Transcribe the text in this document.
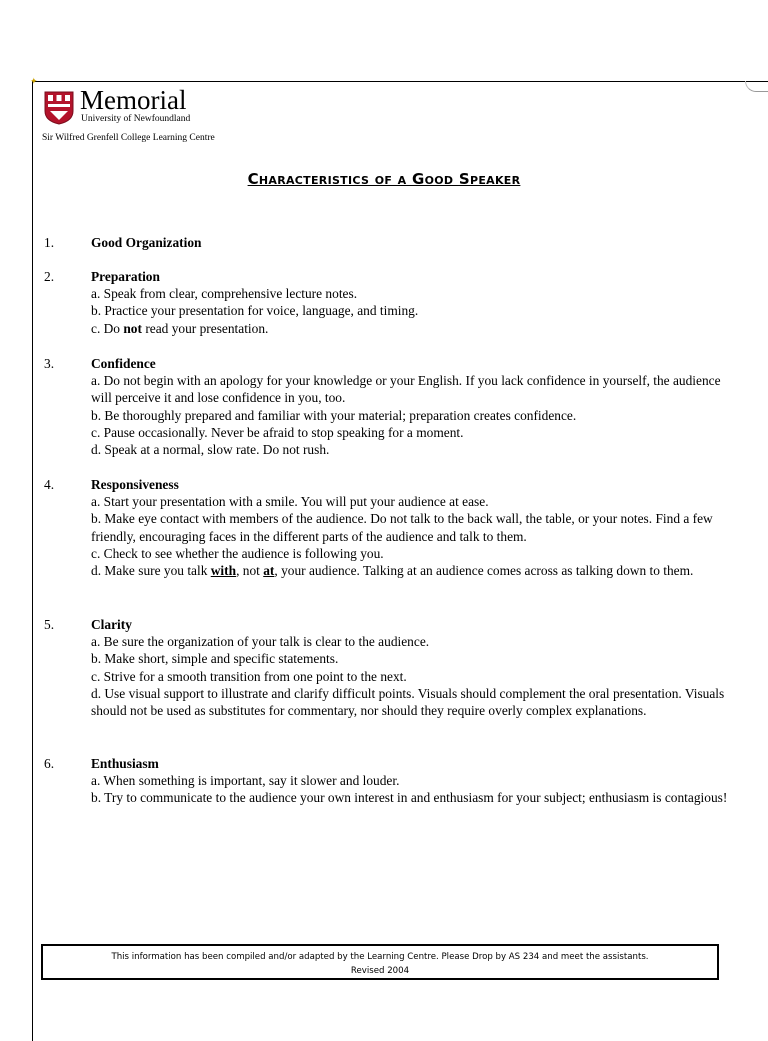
✦
Memorial
University of Newfoundland
Sir Wilfred Grenfell College Learning Centre
Characteristics of a Good Speaker
1.	Good Organization
2.	Preparation
a. Speak from clear, comprehensive lecture notes.
b. Practice your presentation for voice, language, and timing.
c. Do not read your presentation.
3.	Confidence
a. Do not begin with an apology for your knowledge or your English. If you lack confidence in yourself, the audience will perceive it and lose confidence in you, too.
b. Be thoroughly prepared and familiar with your material; preparation creates confidence.
c. Pause occasionally. Never be afraid to stop speaking for a moment.
d. Speak at a normal, slow rate. Do not rush.
4.	Responsiveness
a. Start your presentation with a smile. You will put your audience at ease.
b. Make eye contact with members of the audience. Do not talk to the back wall, the table, or your notes. Find a few friendly, encouraging faces in the different parts of the audience and talk to them.
c. Check to see whether the audience is following you.
d. Make sure you talk with, not at, your audience. Talking at an audience comes across as talking down to them.
5.	Clarity
a. Be sure the organization of your talk is clear to the audience.
b. Make short, simple and specific statements.
c. Strive for a smooth transition from one point to the next.
d. Use visual support to illustrate and clarify difficult points. Visuals should complement the oral presentation. Visuals should not be used as substitutes for commentary, nor should they require overly complex explanations.
6.	Enthusiasm
a. When something is important, say it slower and louder.
b. Try to communicate to the audience your own interest in and enthusiasm for your subject; enthusiasm is contagious!
This information has been compiled and/or adapted by the Learning Centre. Please Drop by AS 234 and meet the assistants.
Revised 2004
